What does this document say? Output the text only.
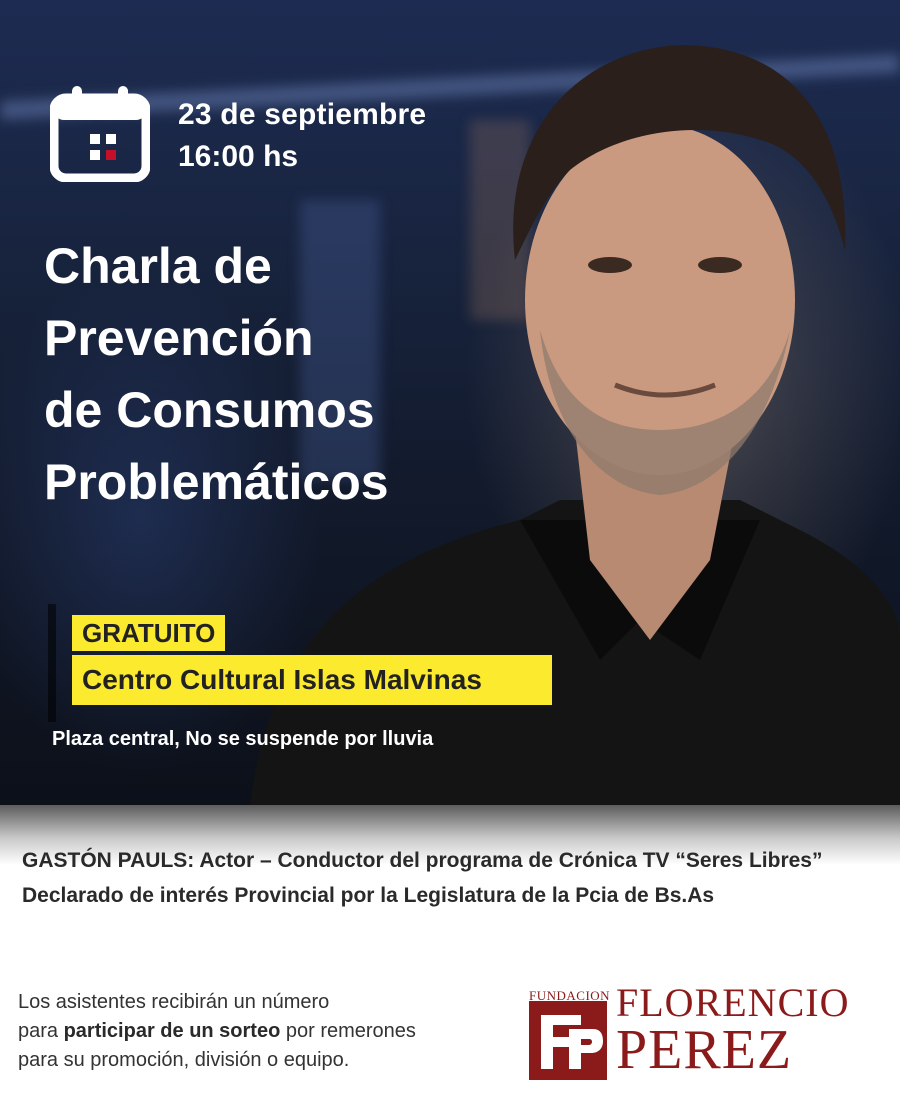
23 de septiembre
16:00 hs
Charla de
Prevención
de Consumos
Problemáticos
GRATUITO
Centro Cultural Islas Malvinas
Plaza central, No se suspende por lluvia
GASTÓN PAULS: Actor – Conductor del programa de Crónica TV “Seres Libres”
Declarado de interés Provincial por la Legislatura de la Pcia de Bs.As
Los asistentes recibirán un número
para participar de un sorteo por remerones
para su promoción, división o equipo.
FUNDACION FLORENCIO
PEREZ
